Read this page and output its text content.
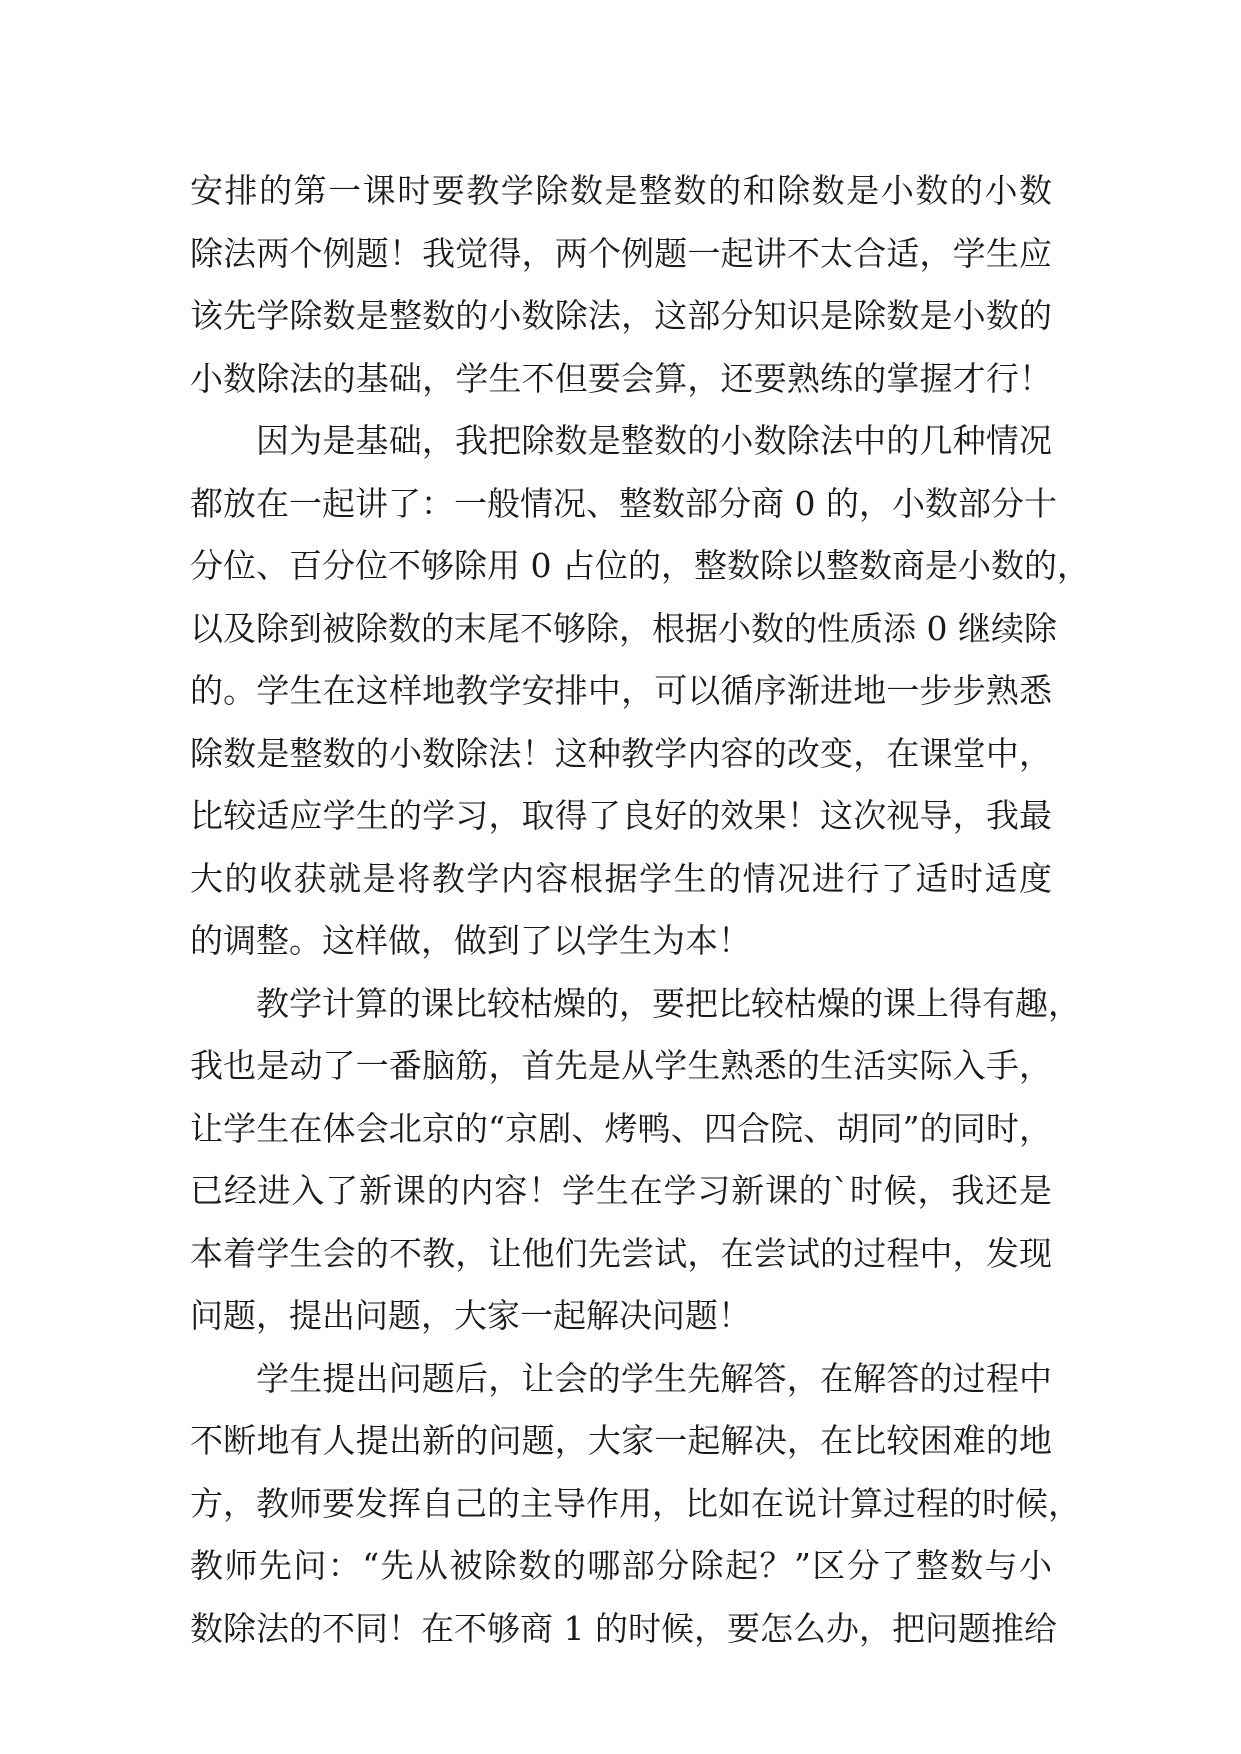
安排的第一课时要教学除数是整数的和除数是小数的小数
除法两个例题！我觉得，两个例题一起讲不太合适，学生应
该先学除数是整数的小数除法，这部分知识是除数是小数的
小数除法的基础，学生不但要会算，还要熟练的掌握才行！
因为是基础，我把除数是整数的小数除法中的几种情况
都放在一起讲了：一般情况、整数部分商 0 的，小数部分十
分位、百分位不够除用 0 占位的，整数除以整数商是小数的，
以及除到被除数的末尾不够除，根据小数的性质添 0 继续除
的。学生在这样地教学安排中，可以循序渐进地一步步熟悉
除数是整数的小数除法！这种教学内容的改变，在课堂中，
比较适应学生的学习，取得了良好的效果！这次视导，我最
大的收获就是将教学内容根据学生的情况进行了适时适度
的调整。这样做，做到了以学生为本！
教学计算的课比较枯燥的，要把比较枯燥的课上得有趣，
我也是动了一番脑筋，首先是从学生熟悉的生活实际入手，
让学生在体会北京的“京剧、烤鸭、四合院、胡同”的同时，
已经进入了新课的内容！学生在学习新课的`时候，我还是
本着学生会的不教，让他们先尝试，在尝试的过程中，发现
问题，提出问题，大家一起解决问题！
学生提出问题后，让会的学生先解答，在解答的过程中
不断地有人提出新的问题，大家一起解决，在比较困难的地
方，教师要发挥自己的主导作用，比如在说计算过程的时候，
教师先问：“先从被除数的哪部分除起？”区分了整数与小
数除法的不同！在不够商 1 的时候，要怎么办，把问题推给
